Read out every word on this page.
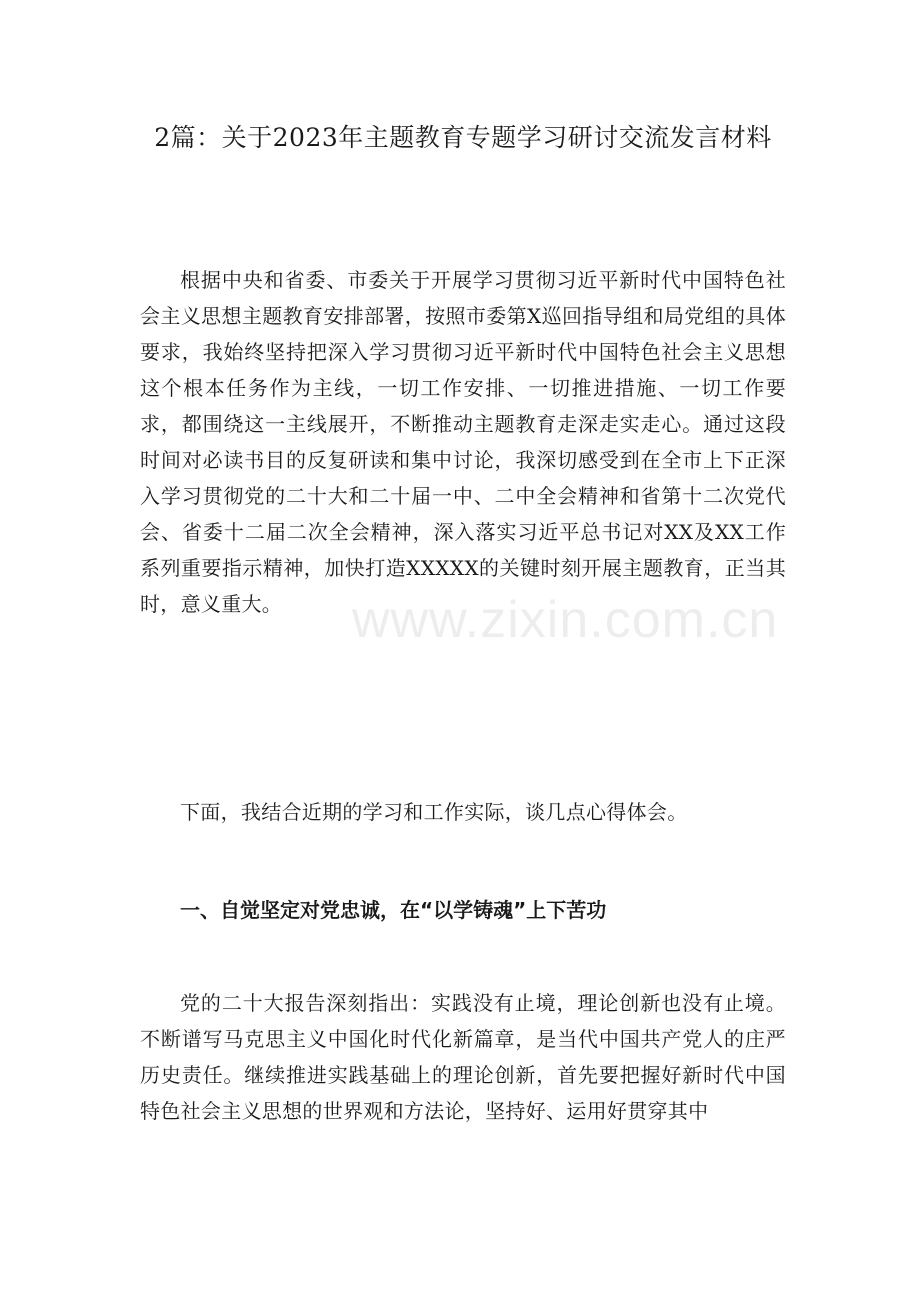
www.zixin.com.cn
2篇：关于2023年主题教育专题学习研讨交流发言材料

根据中央和省委、市委关于开展学习贯彻习近平新时代中国特色社会主义思想主题教育安排部署，按照市委第X巡回指导组和局党组的具体要求，我始终坚持把深入学习贯彻习近平新时代中国特色社会主义思想这个根本任务作为主线，一切工作安排、一切推进措施、一切工作要求，都围绕这一主线展开，不断推动主题教育走深走实走心。通过这段时间对必读书目的反复研读和集中讨论，我深切感受到在全市上下正深入学习贯彻党的二十大和二十届一中、二中全会精神和省第十二次党代会、省委十二届二次全会精神，深入落实习近平总书记对XX及XX工作系列重要指示精神，加快打造XXXXX的关键时刻开展主题教育，正当其时，意义重大。

下面，我结合近期的学习和工作实际，谈几点心得体会。

一、自觉坚定对党忠诚，在“以学铸魂”上下苦功

党的二十大报告深刻指出：实践没有止境，理论创新也没有止境。不断谱写马克思主义中国化时代化新篇章，是当代中国共产党人的庄严历史责任。继续推进实践基础上的理论创新，首先要把握好新时代中国特色社会主义思想的世界观和方法论，坚持好、运用好贯穿其中
